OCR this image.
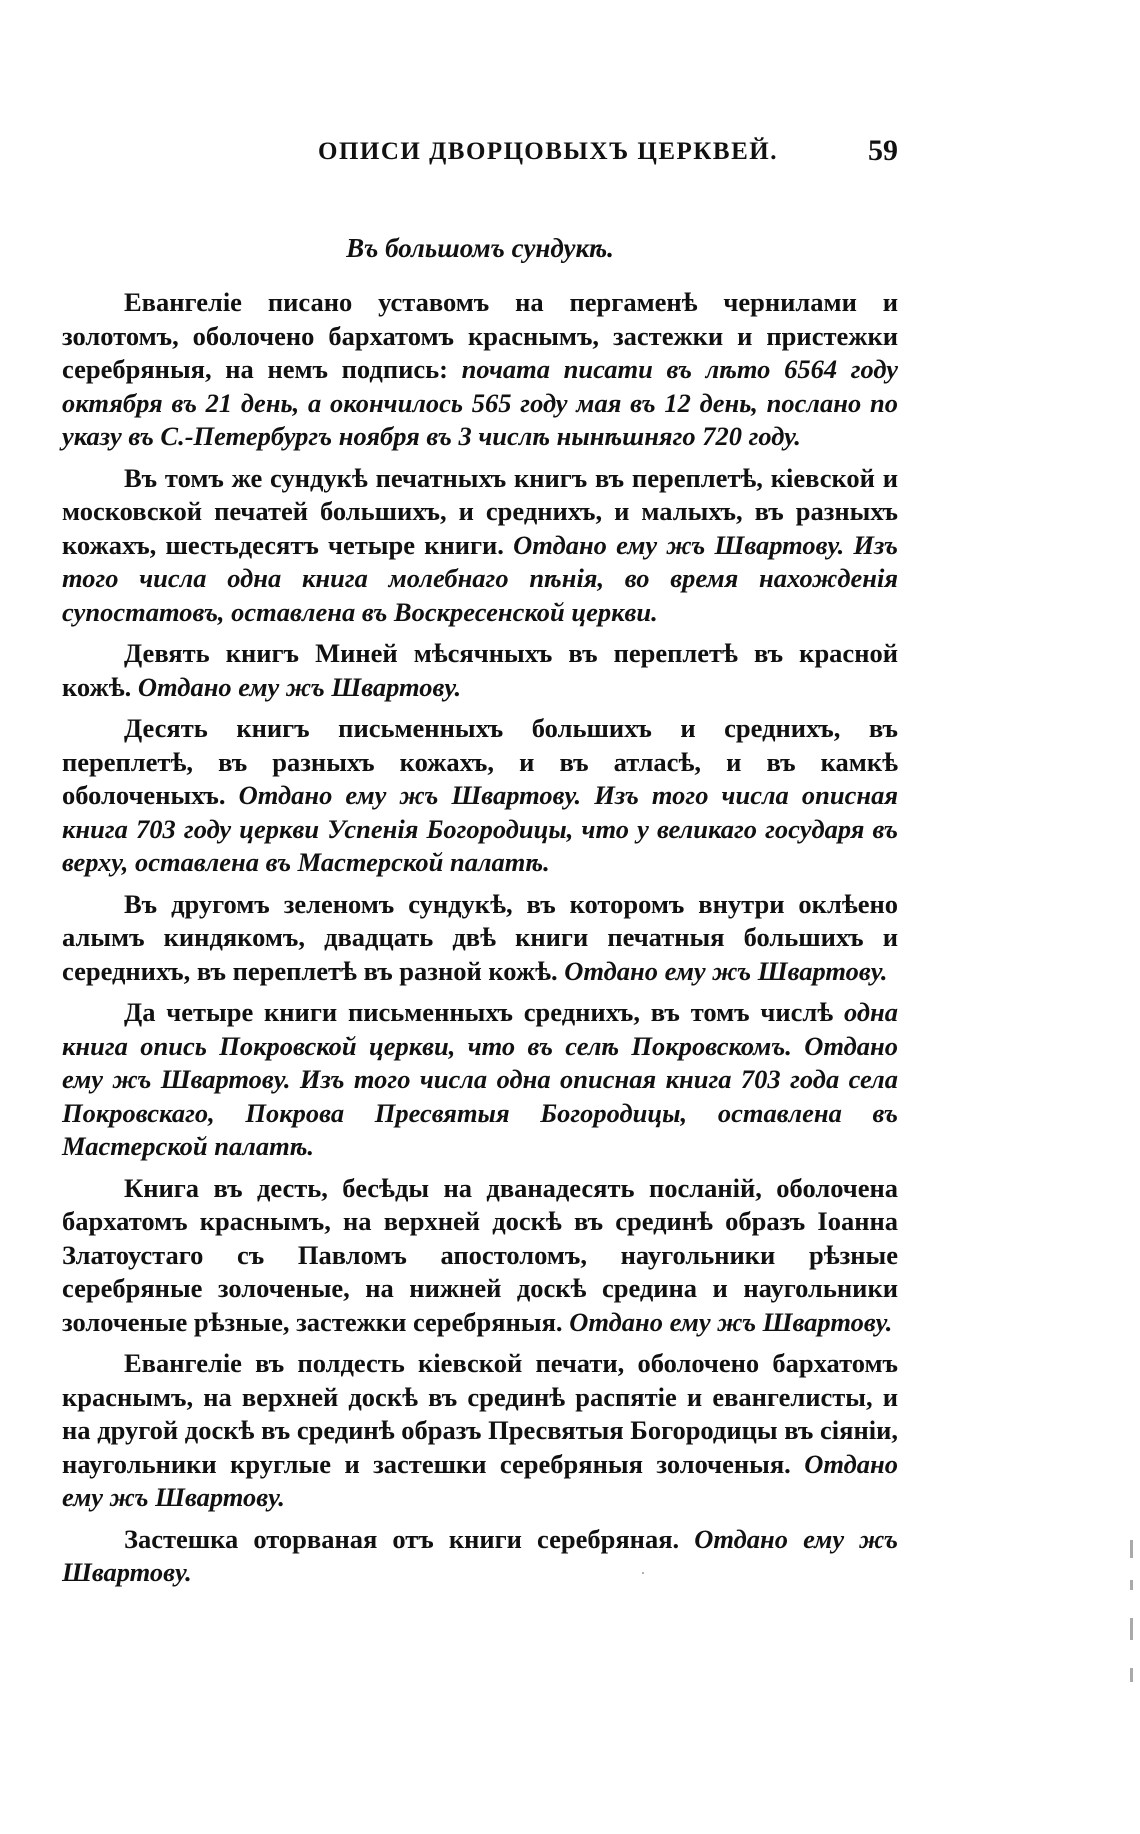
ОПИСИ ДВОРЦОВЫХЪ ЦЕРКВЕЙ.	59
Въ большомъ сундукѣ.

Евангеліе писано уставомъ на пергаменѣ чернилами и золотомъ, оболочено бархатомъ краснымъ, застежки и пристежки серебряныя, на немъ подпись: почата писати въ лѣто 6564 году октября въ 21 день, а окончилось 565 году мая въ 12 день, послано по указу въ С.-Петербургъ ноября въ 3 числѣ нынѣшняго 720 году.

Въ томъ же сундукѣ печатныхъ книгъ въ переплетѣ, кіевской и московской печатей большихъ, и среднихъ, и малыхъ, въ разныхъ кожахъ, шестьдесятъ четыре книги. Отдано ему жъ Швартову. Изъ того числа одна книга молебнаго пѣнія, во время нахожденія супостатовъ, оставлена въ Воскресенской церкви.

Девять книгъ Миней мѣсячныхъ въ переплетѣ въ красной кожѣ. Отдано ему жъ Швартову.

Десять книгъ письменныхъ большихъ и среднихъ, въ переплетѣ, въ разныхъ кожахъ, и въ атласѣ, и въ камкѣ оболоченыхъ. Отдано ему жъ Швартову. Изъ того числа описная книга 703 году церкви Успенія Богородицы, что у великаго государя въ верху, оставлена въ Мастерской палатѣ.

Въ другомъ зеленомъ сундукѣ, въ которомъ внутри оклѣено алымъ киндякомъ, двадцать двѣ книги печатныя большихъ и середнихъ, въ переплетѣ въ разной кожѣ. Отдано ему жъ Швартову.

Да четыре книги письменныхъ среднихъ, въ томъ числѣ одна книга опись Покровской церкви, что въ селѣ Покровскомъ. Отдано ему жъ Швартову. Изъ того числа одна описная книга 703 года села Покровскаго, Покрова Пресвятыя Богородицы, оставлена въ Мастерской палатѣ.

Книга въ десть, бесѣды на дванадесять посланій, оболочена бархатомъ краснымъ, на верхней доскѣ въ срединѣ образъ Іоанна Златоустаго съ Павломъ апостоломъ, наугольники рѣзные серебряные золоченые, на нижней доскѣ средина и наугольники золоченые рѣзные, застежки серебряныя. Отдано ему жъ Швартову.

Евангеліе въ полдесть кіевской печати, оболочено бархатомъ краснымъ, на верхней доскѣ въ срединѣ распятіе и евангелисты, и на другой доскѣ въ срединѣ образъ Пресвятыя Богородицы въ сіяніи, наугольники круглые и застешки серебряныя золоченыя. Отдано ему жъ Швартову.

Застешка оторваная отъ книги серебряная. Отдано ему жъ Швартову.
